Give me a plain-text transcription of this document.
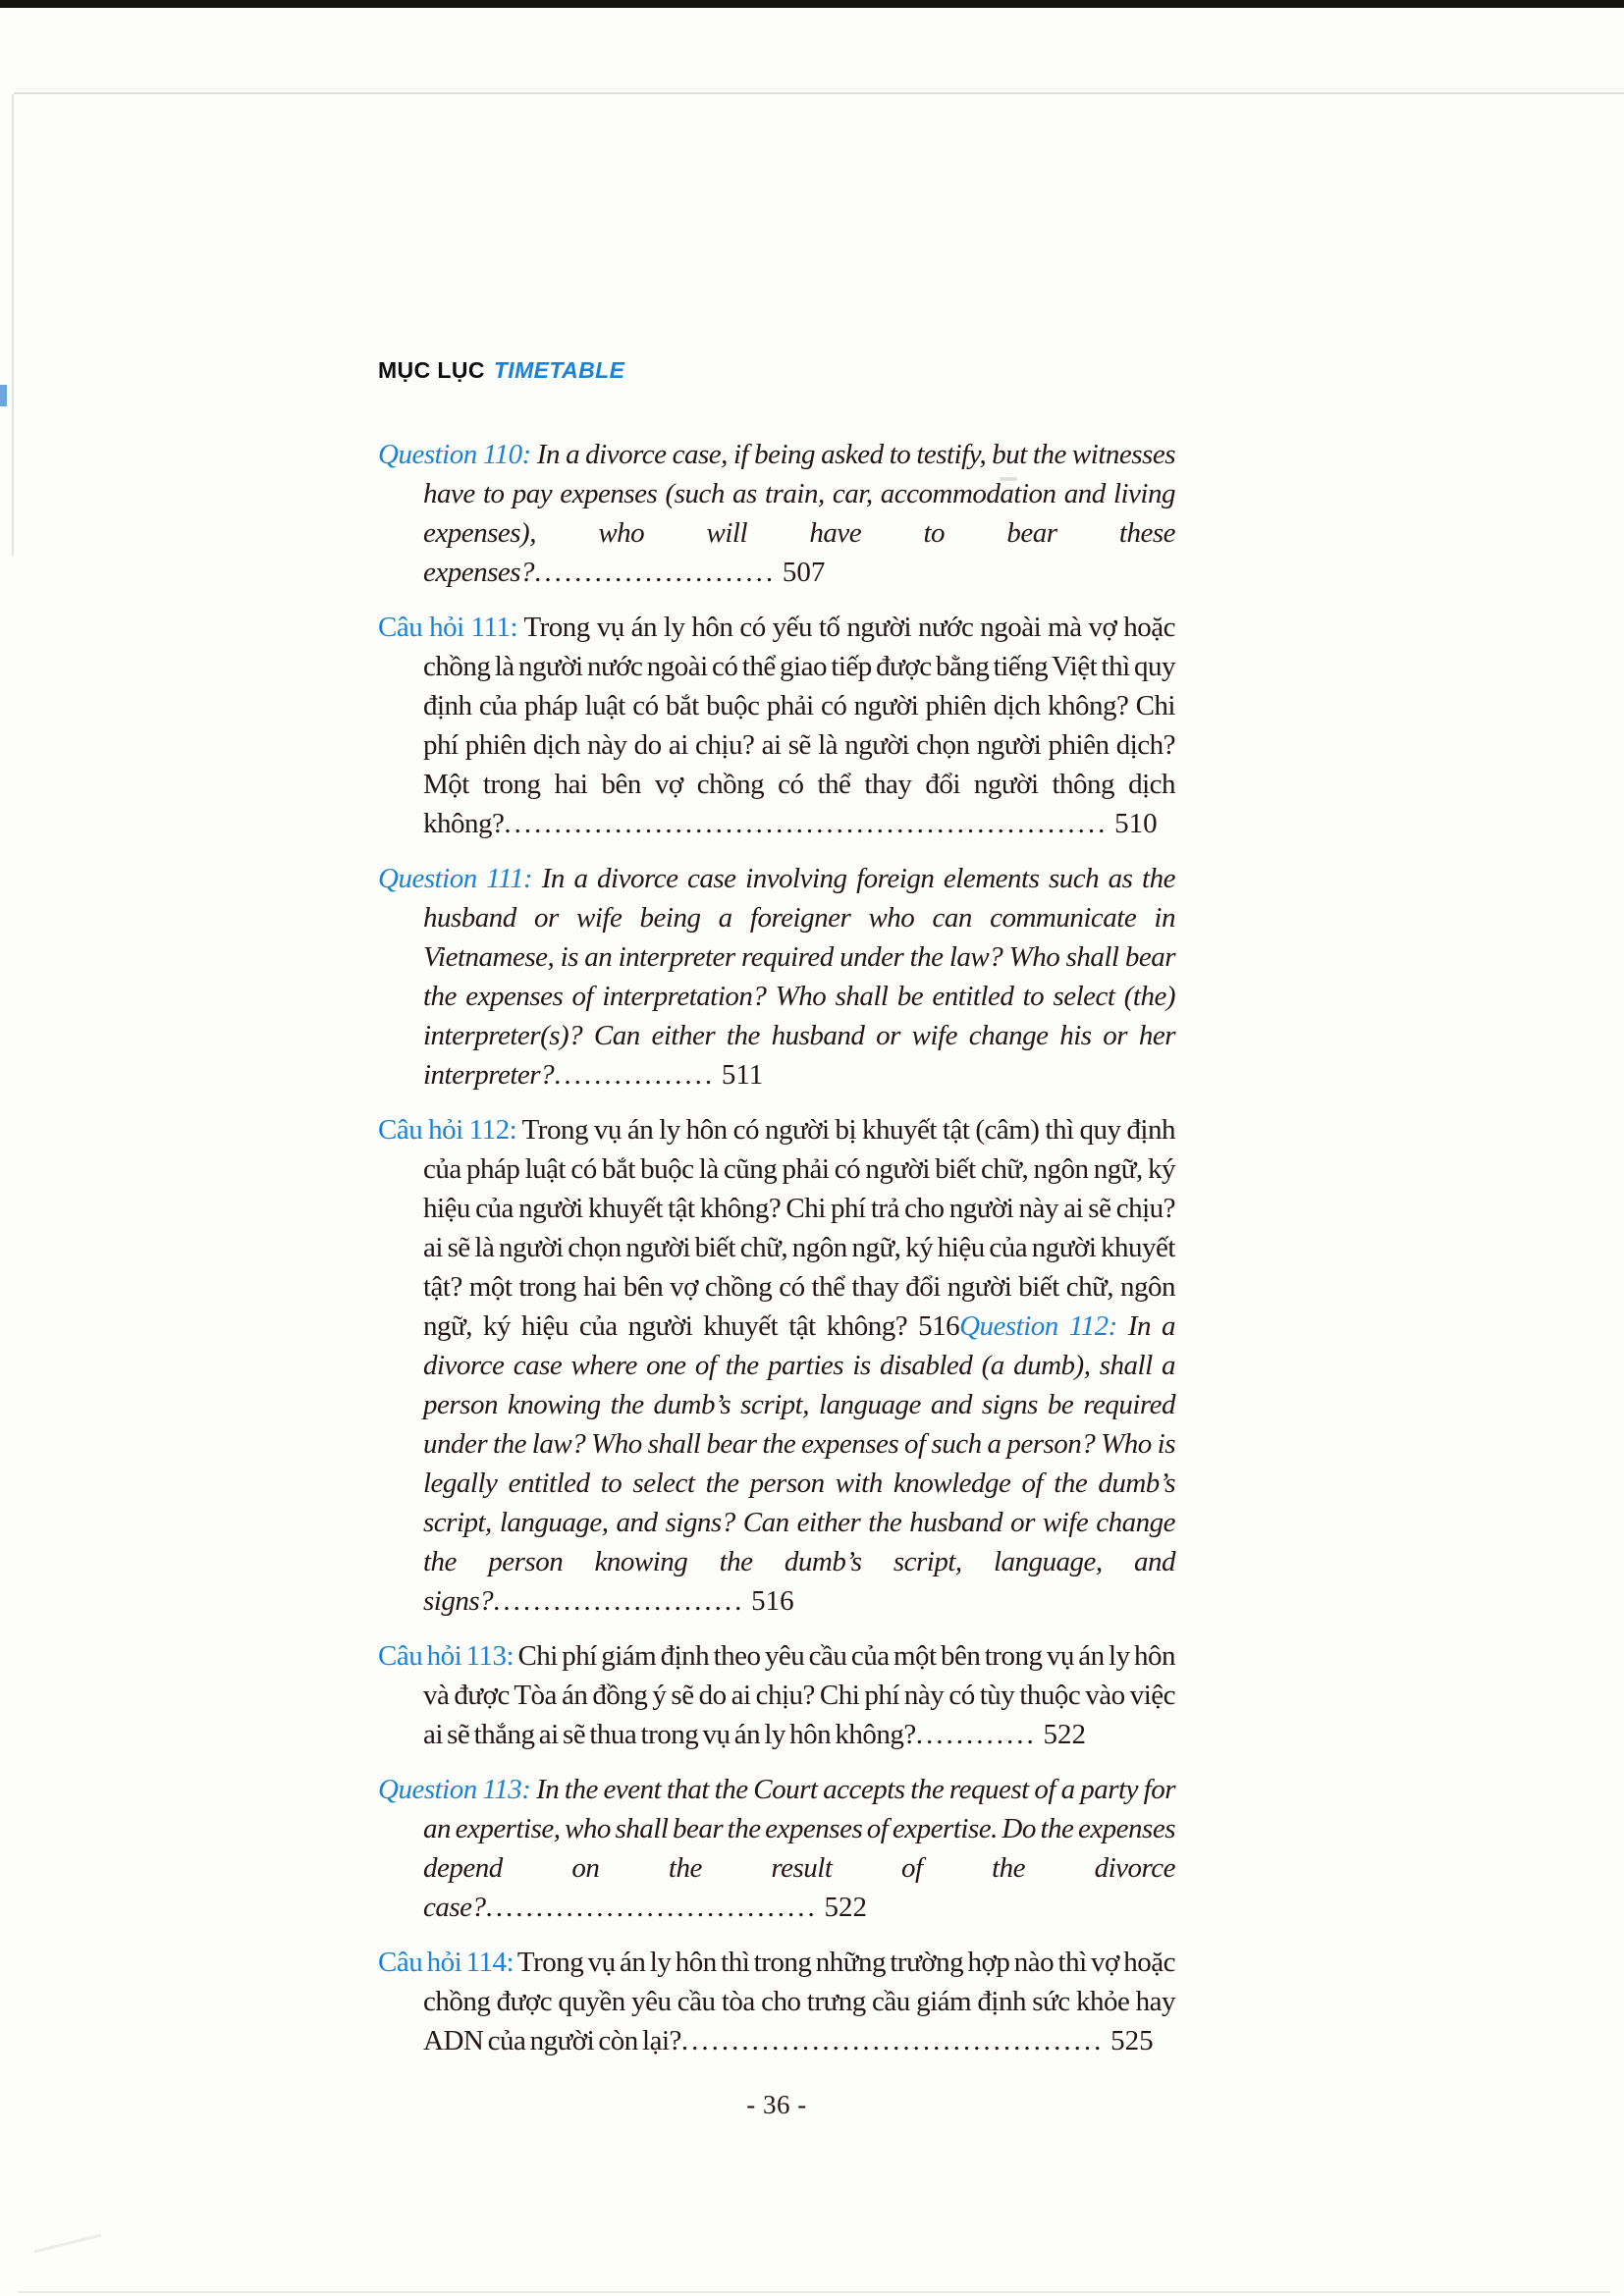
MỤC LỤC TIMETABLE

Question 110: In a divorce case, if being asked to testify, but the witnesses have to pay expenses (such as train, car, accommodation and living expenses), who will have to bear these expenses?........................ 507

Câu hỏi 111: Trong vụ án ly hôn có yếu tố người nước ngoài mà vợ hoặc chồng là người nước ngoài có thể giao tiếp được bằng tiếng Việt thì quy định của pháp luật có bắt buộc phải có người phiên dịch không? Chi phí phiên dịch này do ai chịu? ai sẽ là người chọn người phiên dịch? Một trong hai bên vợ chồng có thể thay đổi người thông dịch không?............................................................ 510

Question 111: In a divorce case involving foreign elements such as the husband or wife being a foreigner who can communicate in Vietnamese, is an interpreter required under the law? Who shall bear the expenses of interpretation? Who shall be entitled to select (the) interpreter(s)? Can either the husband or wife change his or her interpreter?................ 511

Câu hỏi 112: Trong vụ án ly hôn có người bị khuyết tật (câm) thì quy định của pháp luật có bắt buộc là cũng phải có người biết chữ, ngôn ngữ, ký hiệu của người khuyết tật không? Chi phí trả cho người này ai sẽ chịu? ai sẽ là người chọn người biết chữ, ngôn ngữ, ký hiệu của người khuyết tật? một trong hai bên vợ chồng có thể thay đổi người biết chữ, ngôn ngữ, ký hiệu của người khuyết tật không? 516Question 112: In a divorce case where one of the parties is disabled (a dumb), shall a person knowing the dumb’s script, language and signs be required under the law? Who shall bear the expenses of such a person? Who is legally entitled to select the person with knowledge of the dumb’s script, language, and signs? Can either the husband or wife change the person knowing the dumb’s script, language, and signs?......................... 516

Câu hỏi 113: Chi phí giám định theo yêu cầu của một bên trong vụ án ly hôn và được Tòa án đồng ý sẽ do ai chịu? Chi phí này có tùy thuộc vào việc ai sẽ thắng ai sẽ thua trong vụ án ly hôn không?............ 522

Question 113: In the event that the Court accepts the request of a party for an expertise, who shall bear the expenses of expertise. Do the expenses depend on the result of the divorce case?................................. 522

Câu hỏi 114: Trong vụ án ly hôn thì trong những trường hợp nào thì vợ hoặc chồng được quyền yêu cầu tòa cho trưng cầu giám định sức khỏe hay ADN của người còn lại?.......................................... 525

- 36 -
